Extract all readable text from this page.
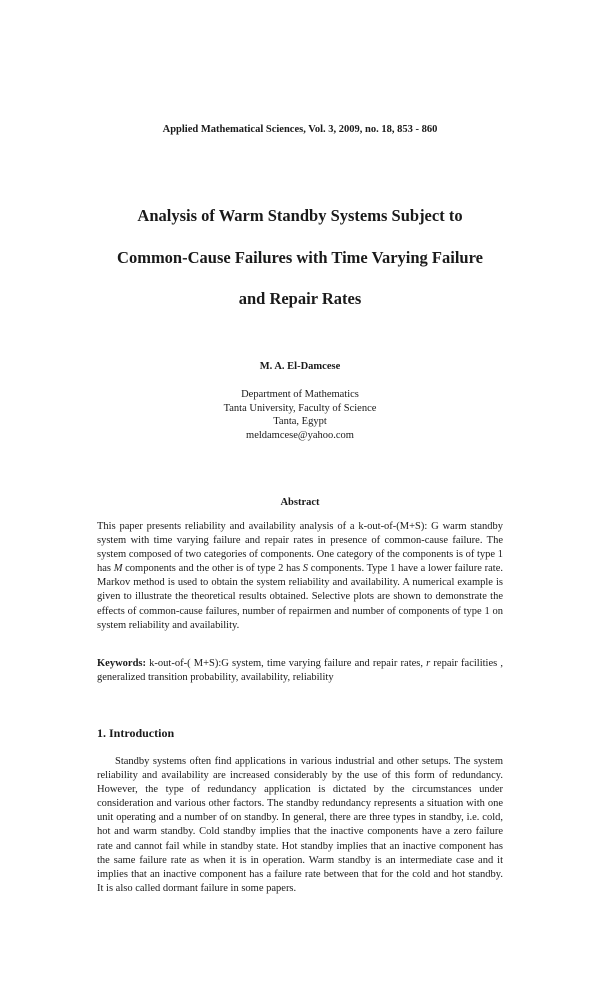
Applied Mathematical Sciences, Vol. 3, 2009, no. 18, 853 - 860
Analysis of Warm Standby Systems Subject to
Common-Cause Failures with Time Varying Failure
and Repair Rates
M. A. El-Damcese
Department of Mathematics
Tanta University, Faculty of Science
Tanta, Egypt
meldamcese@yahoo.com
Abstract
This paper presents reliability and availability analysis of a k-out-of-(M+S): G warm standby system with time varying failure and repair rates in presence of common-cause failure. The system composed of two categories of components. One category of the components is of type 1 has M components and the other is of type 2 has S components. Type 1 have a lower failure rate. Markov method is used to obtain the system reliability and availability. A numerical example is given to illustrate the theoretical results obtained. Selective plots are shown to demonstrate the effects of common-cause failures, number of repairmen and number of components of type 1 on system reliability and availability.
Keywords: k-out-of-( M+S):G system, time varying failure and repair rates, r repair facilities , generalized transition probability, availability, reliability
1. Introduction
Standby systems often find applications in various industrial and other setups. The system reliability and availability are increased considerably by the use of this form of redundancy. However, the type of redundancy application is dictated by the circumstances under consideration and various other factors. The standby redundancy represents a situation with one unit operating and a number of on standby. In general, there are three types in standby, i.e. cold, hot and warm standby. Cold standby implies that the inactive components have a zero failure rate and cannot fail while in standby state. Hot standby implies that an inactive component has the same failure rate as when it is in operation. Warm standby is an intermediate case and it implies that an inactive component has a failure rate between that for the cold and hot standby. It is also called dormant failure in some papers.
